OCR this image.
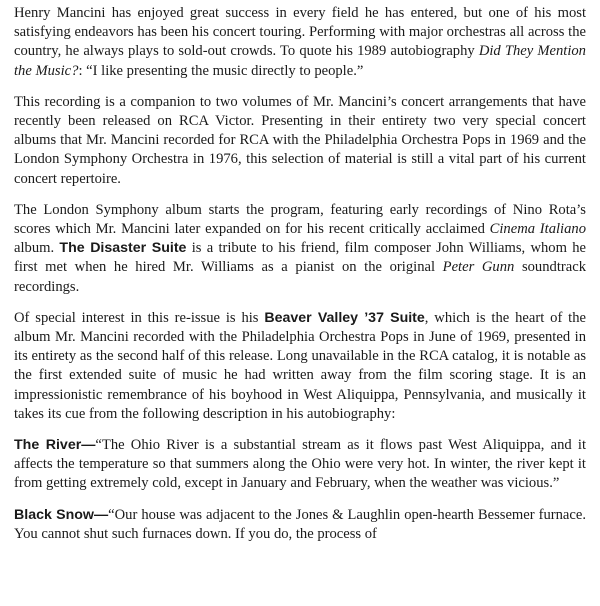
Henry Mancini has enjoyed great success in every field he has entered, but one of his most satisfying endeavors has been his concert touring. Performing with major orchestras all across the country, he always plays to sold-out crowds. To quote his 1989 autobiography Did They Mention the Music?: “I like presenting the music directly to people.”

This recording is a companion to two volumes of Mr. Mancini’s concert arrangements that have recently been released on RCA Victor. Presenting in their entirety two very special concert albums that Mr. Mancini recorded for RCA with the Philadelphia Orchestra Pops in 1969 and the London Symphony Orchestra in 1976, this selection of material is still a vital part of his current concert repertoire.

The London Symphony album starts the program, featuring early recordings of Nino Rota’s scores which Mr. Mancini later expanded on for his recent critically acclaimed Cinema Italiano album. The Disaster Suite is a tribute to his friend, film composer John Williams, whom he first met when he hired Mr. Williams as a pianist on the original Peter Gunn soundtrack recordings.

Of special interest in this re-issue is his Beaver Valley ’37 Suite, which is the heart of the album Mr. Mancini recorded with the Philadelphia Orchestra Pops in June of 1969, presented in its entirety as the second half of this release. Long unavailable in the RCA catalog, it is notable as the first extended suite of music he had written away from the film scoring stage. It is an impressionistic remembrance of his boyhood in West Aliquippa, Pennsylvania, and musically it takes its cue from the following description in his autobiography:

The River—“The Ohio River is a substantial stream as it flows past West Aliquippa, and it affects the temperature so that summers along the Ohio were very hot. In winter, the river kept it from getting extremely cold, except in January and February, when the weather was vicious.”

Black Snow—“Our house was adjacent to the Jones & Laughlin open-hearth Bessemer furnace. You cannot shut such furnaces down. If you do, the process of
